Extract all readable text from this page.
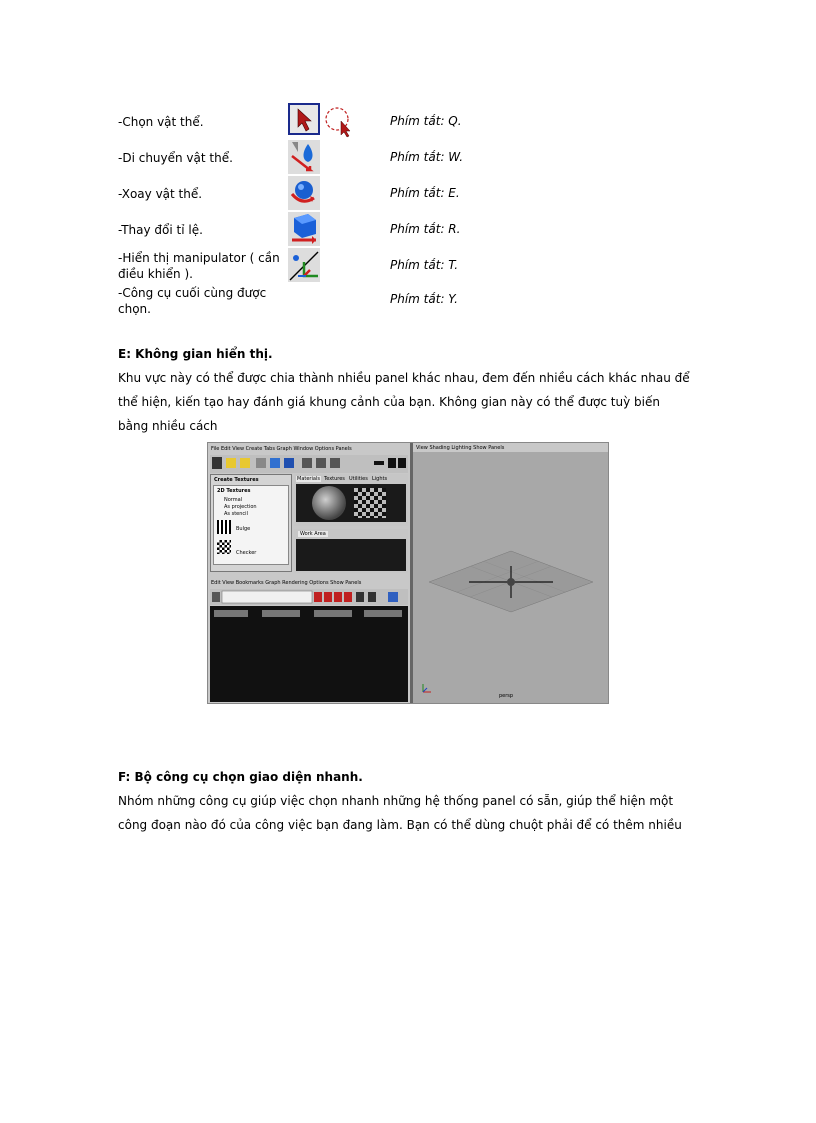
-Chọn vật thể.
-Di chuyển vật thể.
-Xoay vật thể.
-Thay đổi tỉ lệ.
-Hiển thị manipulator ( cần điều khiển ).
-Công cụ cuối cùng được chọn.
Phím tắt: Q.
Phím tắt: W.
Phím tắt: E.
Phím tắt: R.
Phím tắt: T.
Phím tắt: Y.
E: Không gian hiển thị.
Khu vực này có thể được chia thành nhiều panel khác nhau, đem đến nhiều cách khác nhau để
thể hiện, kiến tạo hay đánh giá khung cảnh của bạn. Không gian này có thể được tuỳ biến
bằng nhiều cách
File Edit View Create Tabs Graph Window Options Panels
Create Textures
2D Textures
Normal
As projection
As stencil
Bulge
Checker
Materials Textures Utilities Lights
Work Area
Edit View Bookmarks Graph Rendering Options Show Panels
View Shading Lighting Show Panels
persp
F: Bộ công cụ chọn giao diện nhanh.
Nhóm những công cụ giúp việc chọn nhanh những hệ thống panel có sẵn, giúp thể hiện một
công đoạn nào đó của công việc bạn đang làm. Bạn có thể dùng chuột phải để có thêm nhiều
